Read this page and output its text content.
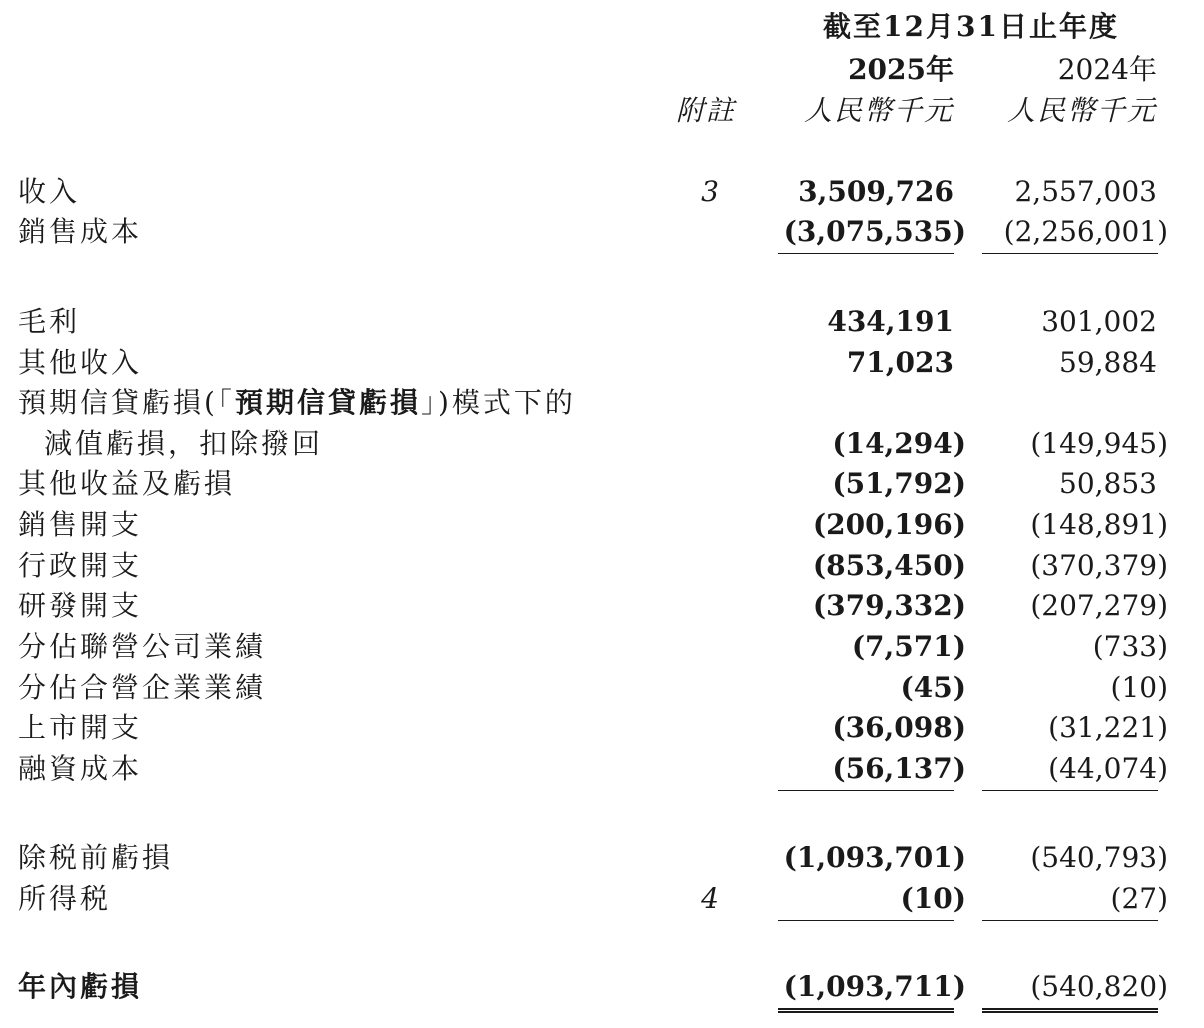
截至12月31日止年度
2025年	2024年
附註 人民幣千元 人民幣千元
收入	3	3,509,726 2,557,003
銷售成本	(3,075,535) (2,256,001)
毛利	434,191	301,002
其他收入	71,023	59,884
預期信貸虧損(「預期信貸虧損」)模式下的
減值虧損，扣除撥回	(14,294) (149,945)
其他收益及虧損	(51,792)	50,853
銷售開支	(200,196) (148,891)
行政開支	(853,450) (370,379)
研發開支	(379,332) (207,279)
分佔聯營公司業績	(7,571)	(733)
分佔合營企業業績	(45)	(10)
上市開支	(36,098)	(31,221)
融資成本	(56,137)	(44,074)
除税前虧損	(1,093,701) (540,793)
所得税	4	(10)	(27)
年內虧損	(1,093,711) (540,820)
